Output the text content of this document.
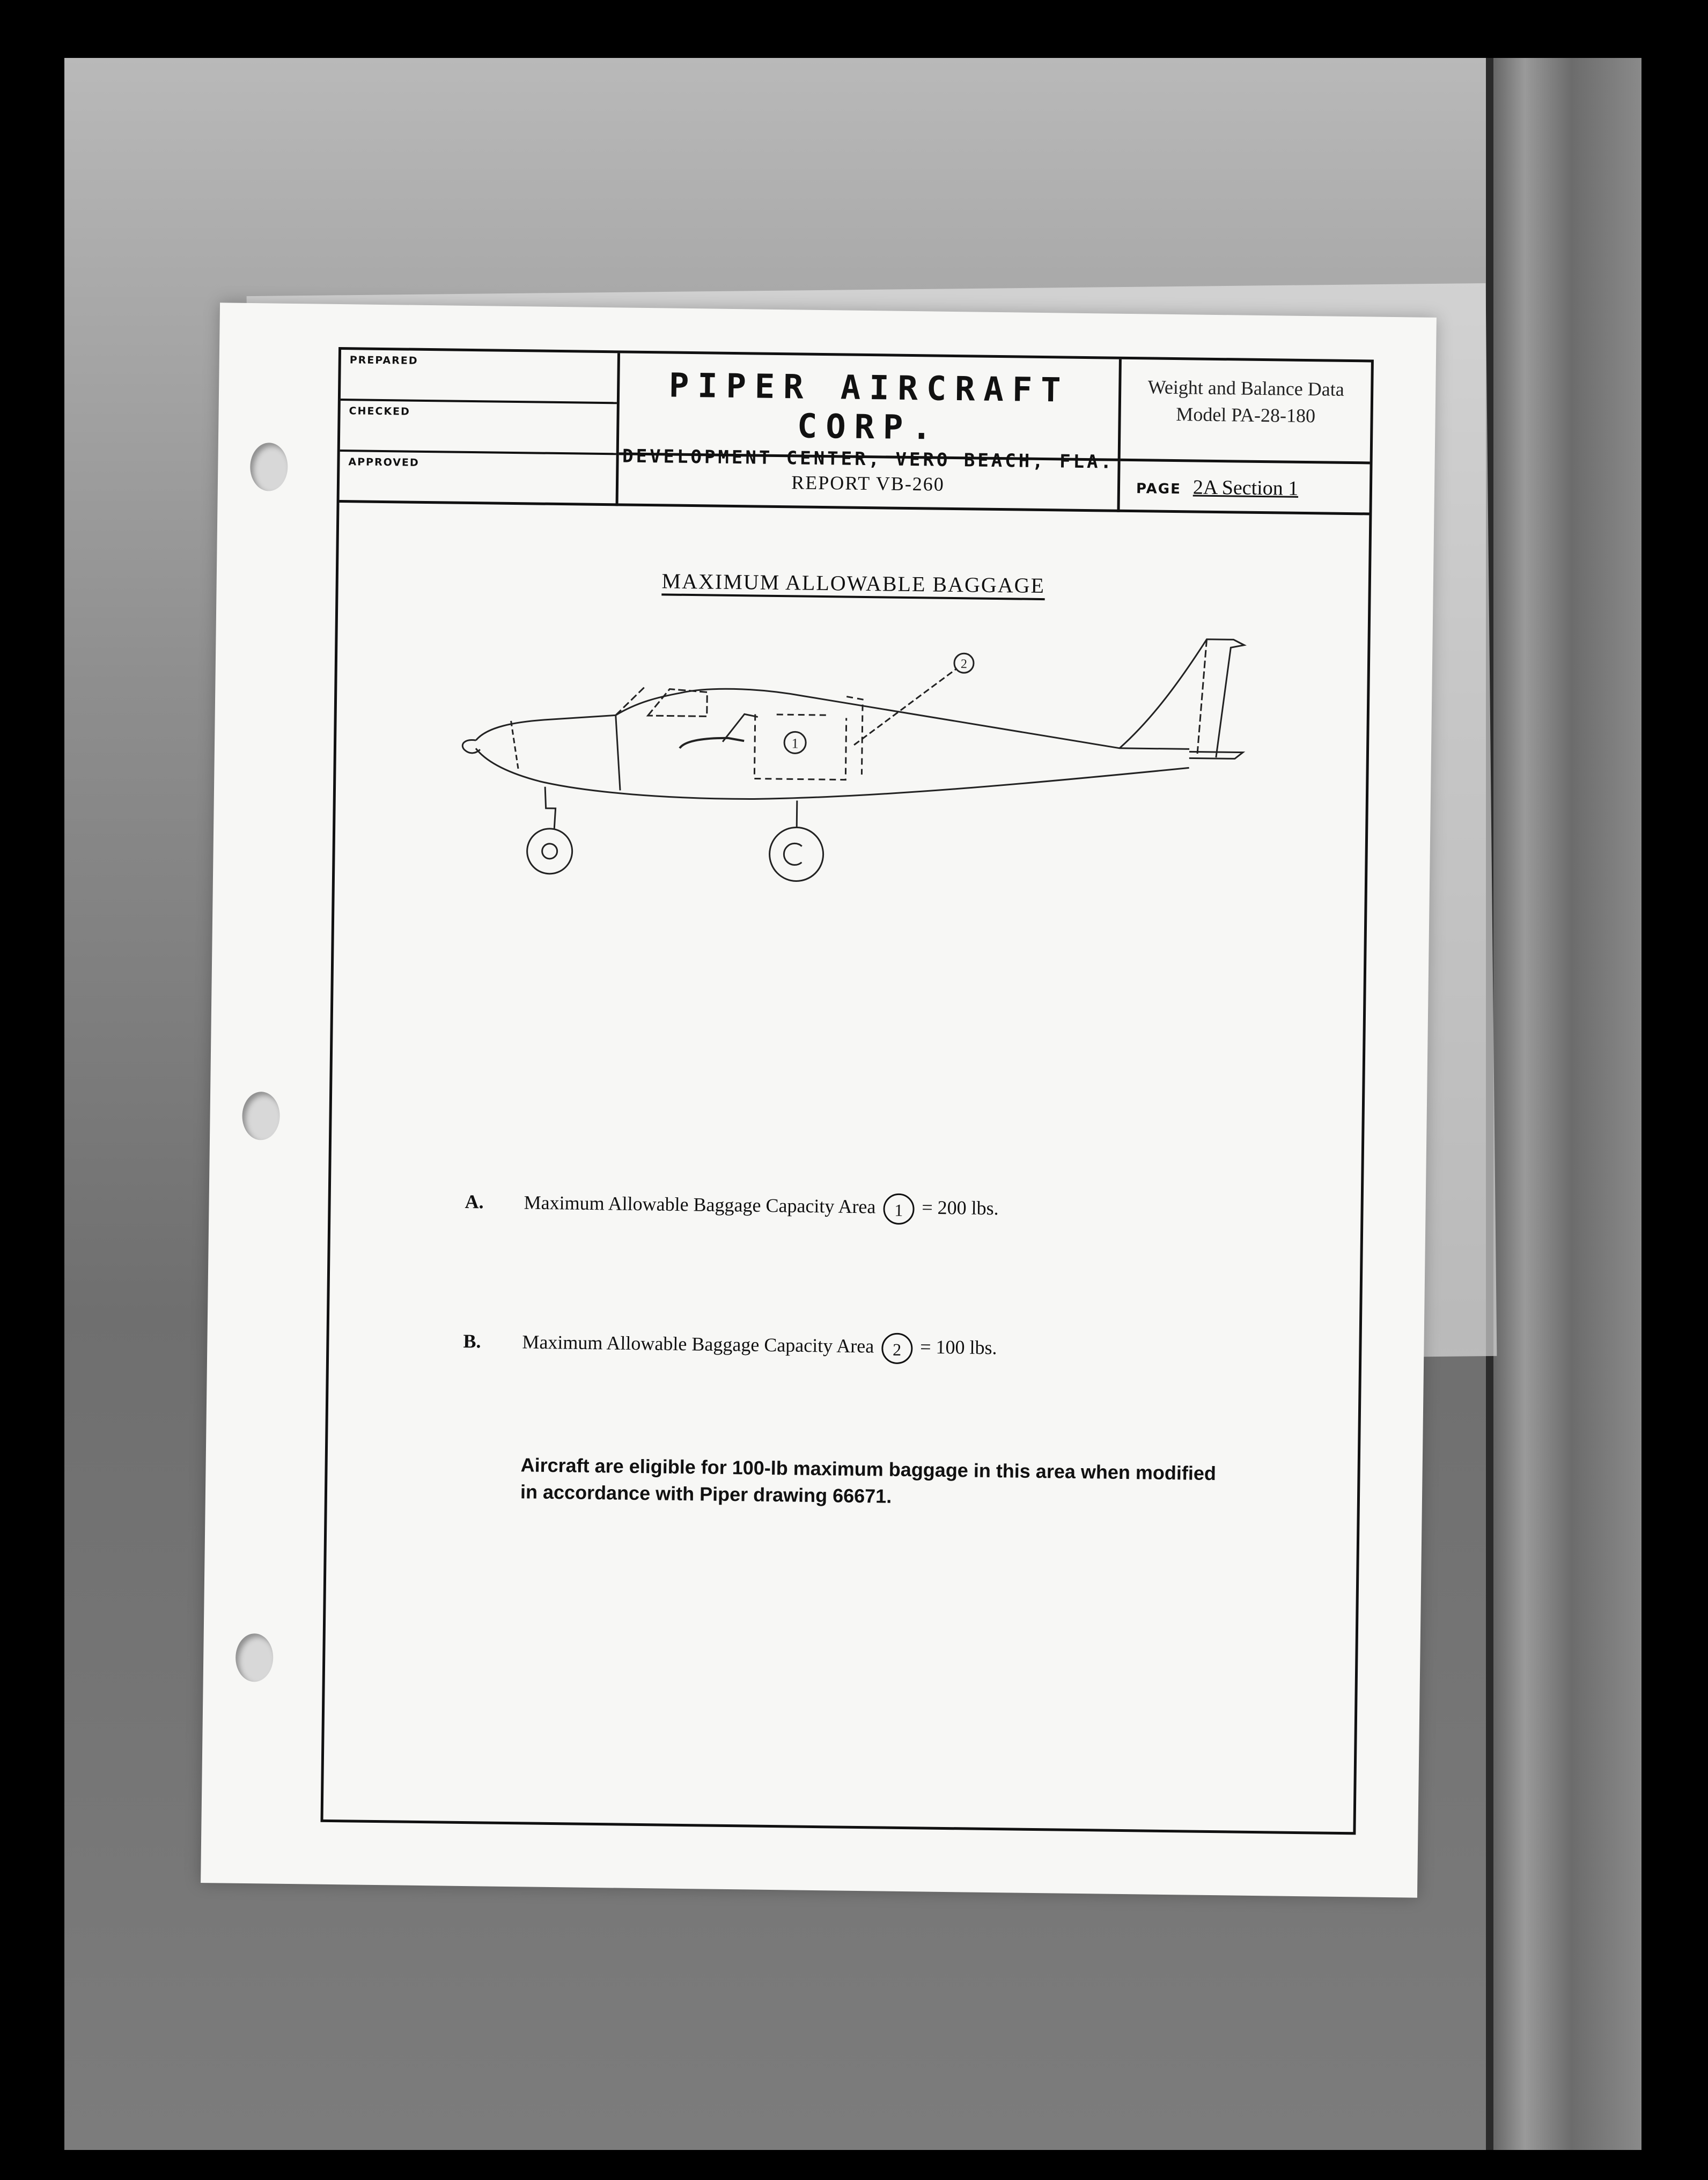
PREPARED
CHECKED
APPROVED
PIPER AIRCRAFT CORP.
DEVELOPMENT CENTER, VERO BEACH, FLA.
REPORT VB-260
Weight and Balance Data
Model PA-28-180
PAGE 2A Section 1
MAXIMUM ALLOWABLE BAGGAGE
1
2
A. Maximum Allowable Baggage Capacity Area 1 = 200 lbs.
B. Maximum Allowable Baggage Capacity Area 2 = 100 lbs.
Aircraft are eligible for 100-lb maximum baggage in this area when modified in accordance with Piper drawing 66671.
